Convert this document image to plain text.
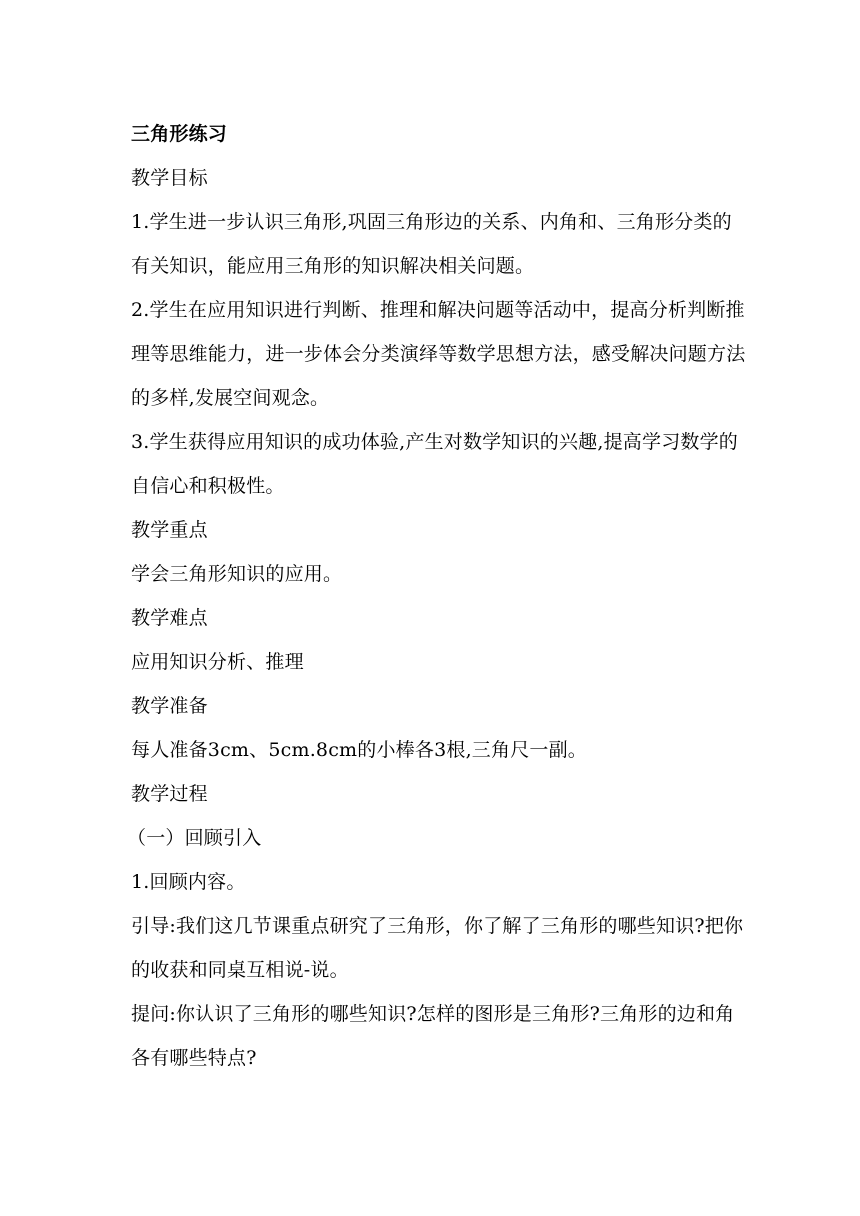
三角形练习

教学目标

1.学生进一步认识三角形,巩固三角形边的关系、内角和、三角形分类的有关知识，能应用三角形的知识解决相关问题。

2.学生在应用知识进行判断、推理和解决问题等活动中，提高分析判断推理等思维能力，进一步体会分类演绎等数学思想方法，感受解决问题方法的多样,发展空间观念。

3.学生获得应用知识的成功体验,产生对数学知识的兴趣,提高学习数学的自信心和积极性。

教学重点

学会三角形知识的应用。

教学难点

应用知识分析、推理

教学准备

每人准备3cm、5cm.8cm的小棒各3根,三角尺一副。

教学过程

（一）回顾引入

1.回顾内容。

引导:我们这几节课重点研究了三角形，你了解了三角形的哪些知识?把你的收获和同桌互相说-说。

提问:你认识了三角形的哪些知识?怎样的图形是三角形?三角形的边和角各有哪些特点?
